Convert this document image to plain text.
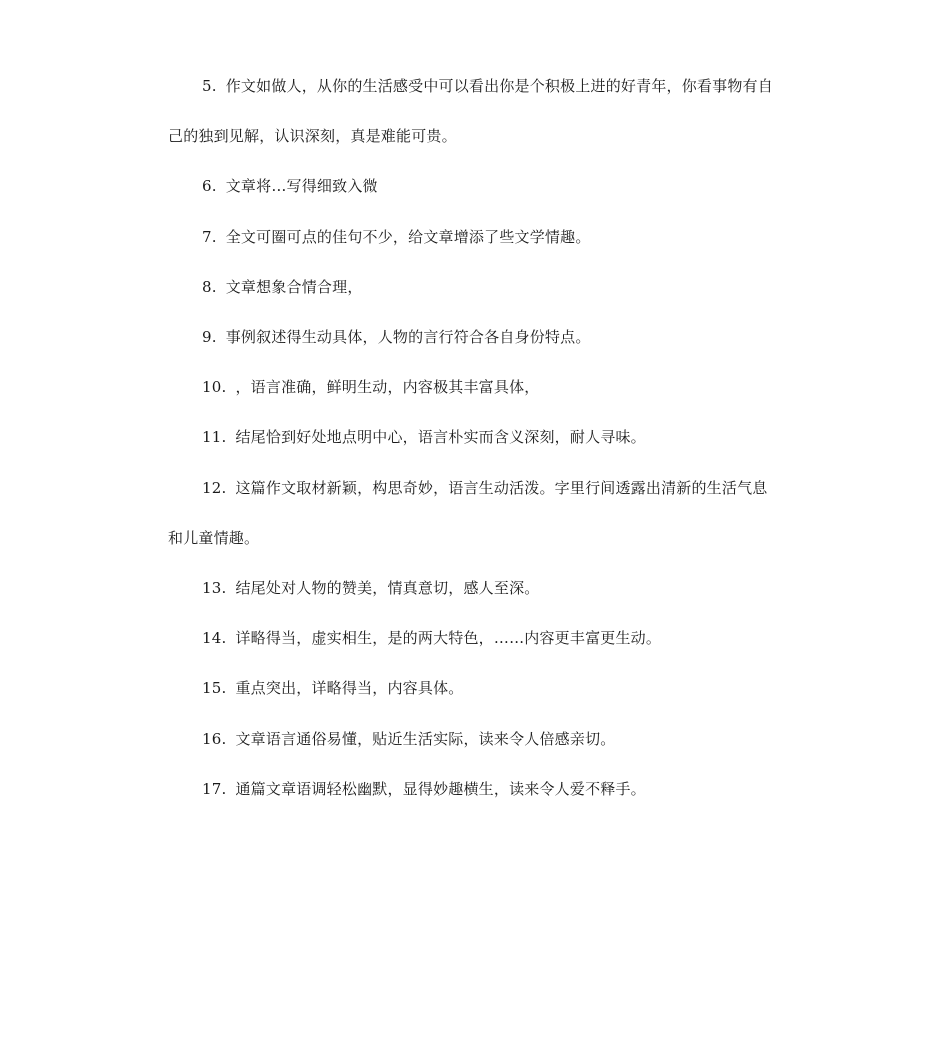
5. 作文如做人，从你的生活感受中可以看出你是个积极上进的好青年，你看事物有自己的独到见解，认识深刻，真是难能可贵。

6. 文章将…写得细致入微

7. 全文可圈可点的佳句不少，给文章增添了些文学情趣。

8. 文章想象合情合理，

9. 事例叙述得生动具体，人物的言行符合各自身份特点。

10. ，语言准确，鲜明生动，内容极其丰富具体，

11. 结尾恰到好处地点明中心，语言朴实而含义深刻，耐人寻味。

12. 这篇作文取材新颖，构思奇妙，语言生动活泼。字里行间透露出清新的生活气息和儿童情趣。

13. 结尾处对人物的赞美，情真意切，感人至深。

14. 详略得当，虚实相生，是的两大特色，……内容更丰富更生动。

15. 重点突出，详略得当，内容具体。

16. 文章语言通俗易懂，贴近生活实际，读来令人倍感亲切。

17. 通篇文章语调轻松幽默，显得妙趣横生，读来令人爱不释手。
